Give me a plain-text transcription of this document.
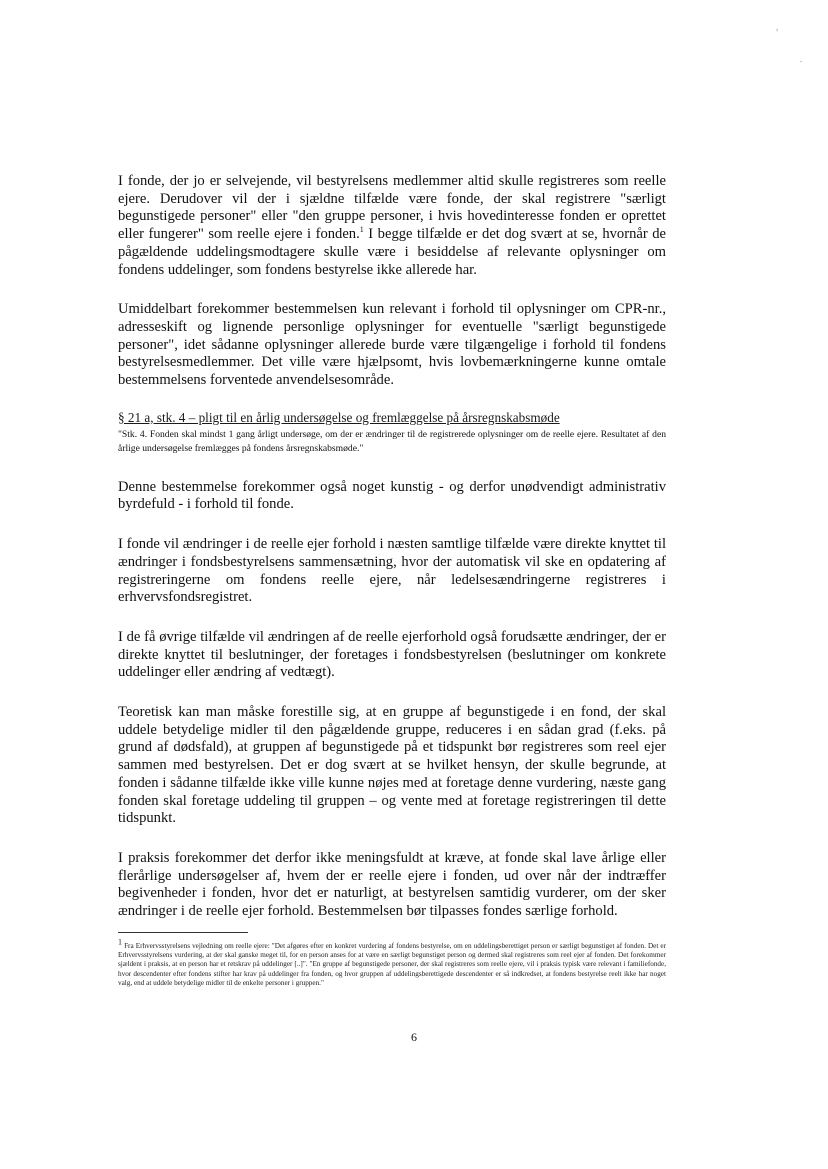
,
.

I fonde, der jo er selvejende, vil bestyrelsens medlemmer altid skulle registreres som reelle ejere. Derudover vil der i sjældne tilfælde være fonde, der skal registrere "særligt begunstigede personer" eller "den gruppe personer, i hvis hovedinteresse fonden er oprettet eller fungerer" som reelle ejere i fonden.$^1$ I begge tilfælde er det dog svært at se, hvornår de pågældende uddelingsmodtagere skulle være i besiddelse af relevante oplysninger om fondens uddelinger, som fondens bestyrelse ikke allerede har.

Umiddelbart forekommer bestemmelsen kun relevant i forhold til oplysninger om CPR-nr., adresseskift og lignende personlige oplysninger for eventuelle "særligt begunstigede personer", idet sådanne oplysninger allerede burde være tilgængelige i forhold til fondens bestyrelsesmedlemmer. Det ville være hjælpsomt, hvis lovbemærkningerne kunne omtale bestemmelsens forventede anvendelsesområde.

§ 21 a, stk. 4 – pligt til en årlig undersøgelse og fremlæggelse på årsregnskabsmøde

"Stk. 4. Fonden skal mindst 1 gang årligt undersøge, om der er ændringer til de registrerede oplysninger om de reelle ejere. Resultatet af den årlige undersøgelse fremlægges på fondens årsregnskabsmøde."

Denne bestemmelse forekommer også noget kunstig - og derfor unødvendigt administrativ byrdefuld - i forhold til fonde.

I fonde vil ændringer i de reelle ejer forhold i næsten samtlige tilfælde være direkte knyttet til ændringer i fondsbestyrelsens sammensætning, hvor der automatisk vil ske en opdatering af registreringerne om fondens reelle ejere, når ledelsesændringerne registreres i erhvervsfondsregistret.

I de få øvrige tilfælde vil ændringen af de reelle ejerforhold også forudsætte ændringer, der er direkte knyttet til beslutninger, der foretages i fondsbestyrelsen (beslutninger om konkrete uddelinger eller ændring af vedtægt).

Teoretisk kan man måske forestille sig, at en gruppe af begunstigede i en fond, der skal uddele betydelige midler til den pågældende gruppe, reduceres i en sådan grad (f.eks. på grund af dødsfald), at gruppen af begunstigede på et tidspunkt bør registreres som reel ejer sammen med bestyrelsen. Det er dog svært at se hvilket hensyn, der skulle begrunde, at fonden i sådanne tilfælde ikke ville kunne nøjes med at foretage denne vurdering, næste gang fonden skal foretage uddeling til gruppen – og vente med at foretage registreringen til dette tidspunkt.

I praksis forekommer det derfor ikke meningsfuldt at kræve, at fonde skal lave årlige eller flerårlige undersøgelser af, hvem der er reelle ejere i fonden, ud over når der indtræffer begivenheder i fonden, hvor det er naturligt, at bestyrelsen samtidig vurderer, om der sker ændringer i de reelle ejer forhold. Bestemmelsen bør tilpasses fondes særlige forhold.

1 Fra Erhvervsstyrelsens vejledning om reelle ejere: "Det afgøres efter en konkret vurdering af fondens bestyrelse, om en uddelingsberettiget person er særligt begunstiget af fonden. Det er Erhvervsstyrelsens vurdering, at der skal ganske meget til, for en person anses for at være en særligt begunstiget person og dermed skal registreres som reel ejer af fonden. Det forekommer sjældent i praksis, at en person har et retskrav på uddelinger [..]". "En gruppe af begunstigede personer, der skal registreres som reelle ejere, vil i praksis typisk være relevant i familiefonde, hvor descendenter efter fondens stifter har krav på uddelinger fra fonden, og hvor gruppen af uddelingsberettigede descendenter er så indkredset, at fondens bestyrelse reelt ikke har noget valg, end at uddele betydelige midler til de enkelte personer i gruppen."
6
